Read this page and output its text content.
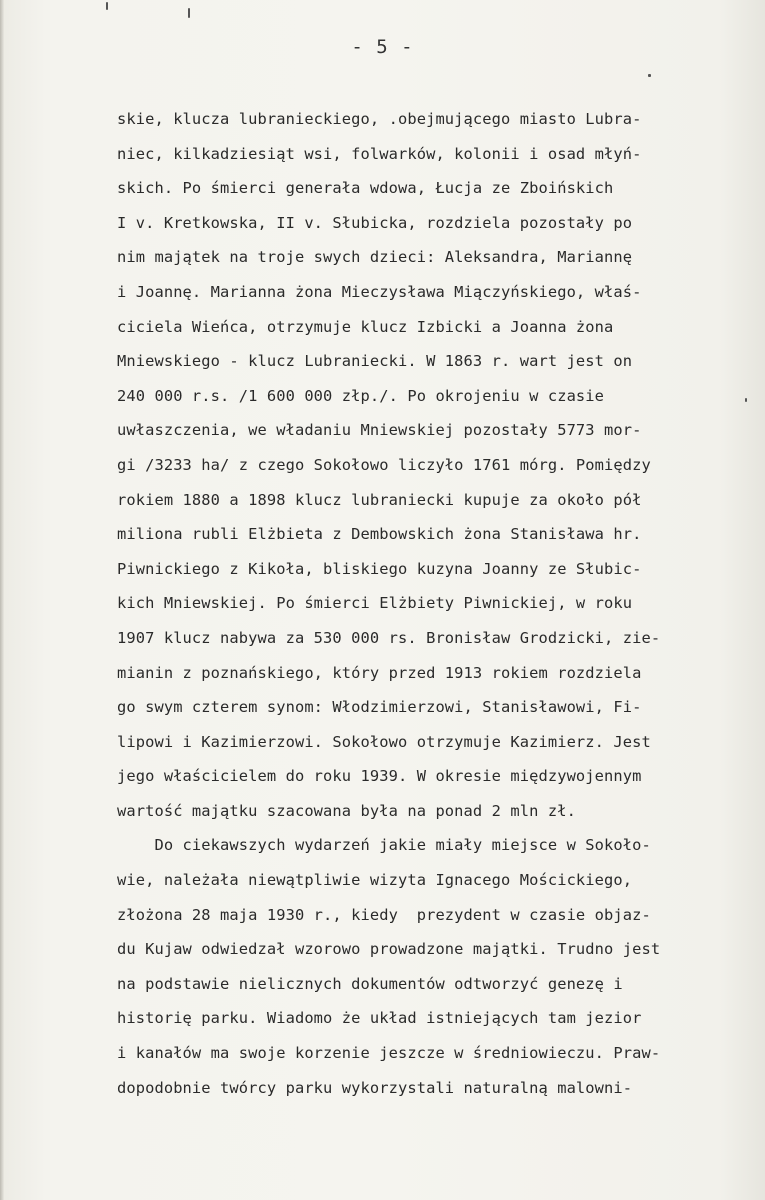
- 5 -
skie, klucza lubranieckiego, .obejmującego miasto Lubra-
niec, kilkadziesiąt wsi, folwarków, kolonii i osad młyń-
skich. Po śmierci generała wdowa, Łucja ze Zboińskich
I v. Kretkowska, II v. Słubicka, rozdziela pozostały po
nim majątek na troje swych dzieci: Aleksandra, Mariannę
i Joannę. Marianna żona Mieczysława Miączyńskiego, właś-
ciciela Wieńca, otrzymuje klucz Izbicki a Joanna żona
Mniewskiego - klucz Lubraniecki. W 1863 r. wart jest on
240 000 r.s. /1 600 000 złp./. Po okrojeniu w czasie
uwłaszczenia, we władaniu Mniewskiej pozostały 5773 mor-
gi /3233 ha/ z czego Sokołowo liczyło 1761 mórg. Pomiędzy
rokiem 1880 a 1898 klucz lubraniecki kupuje za około pół
miliona rubli Elżbieta z Dembowskich żona Stanisława hr.
Piwnickiego z Kikoła, bliskiego kuzyna Joanny ze Słubic-
kich Mniewskiej. Po śmierci Elżbiety Piwnickiej, w roku
1907 klucz nabywa za 530 000 rs. Bronisław Grodzicki, zie-
mianin z poznańskiego, który przed 1913 rokiem rozdziela
go swym czterem synom: Włodzimierzowi, Stanisławowi, Fi-
lipowi i Kazimierzowi. Sokołowo otrzymuje Kazimierz. Jest
jego właścicielem do roku 1939. W okresie międzywojennym
wartość majątku szacowana była na ponad 2 mln zł.
Do ciekawszych wydarzeń jakie miały miejsce w Sokoło-
wie, należała niewątpliwie wizyta Ignacego Mościckiego,
złożona 28 maja 1930 r., kiedy  prezydent w czasie objaz-
du Kujaw odwiedzał wzorowo prowadzone majątki. Trudno jest
na podstawie nielicznych dokumentów odtworzyć genezę i
historię parku. Wiadomo że układ istniejących tam jezior
i kanałów ma swoje korzenie jeszcze w średniowieczu. Praw-
dopodobnie twórcy parku wykorzystali naturalną malowni-
